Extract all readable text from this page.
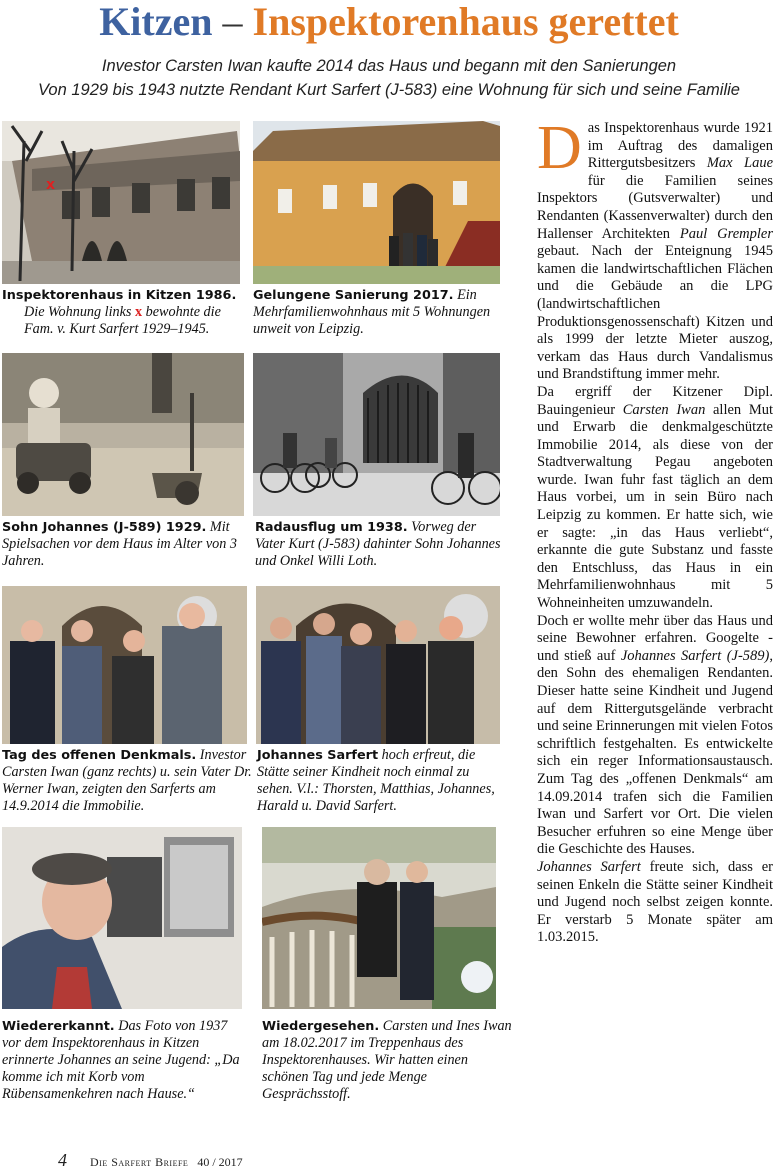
Kitzen – Inspektorenhaus gerettet
Investor Carsten Iwan kaufte 2014 das Haus und begann mit den Sanierungen
Von 1929 bis 1943 nutzte Rendant Kurt Sarfert (J-583) eine Wohnung für sich und seine Familie
x
Inspektorenhaus in Kitzen 1986.
Die Wohnung links x bewohnte die Fam. v. Kurt Sarfert 1929–1945.
Gelungene Sanierung 2017. Ein Mehrfamilienwohnhaus mit 5 Wohnungen unweit von Leipzig.
Sohn Johannes (J-589) 1929. Mit Spielsachen vor dem Haus im Alter von 3 Jahren.
Radausflug um 1938. Vorweg der Vater Kurt (J-583) dahinter Sohn Johannes und Onkel Willi Loth.
Tag des offenen Denkmals. Investor Carsten Iwan (ganz rechts) u. sein Vater Dr. Werner Iwan, zeigten den Sarferts am 14.9.2014 die Immobilie.
Johannes Sarfert hoch erfreut, die Stätte seiner Kindheit noch einmal zu sehen. V.l.: Thorsten, Matthias, Johannes, Harald u. David Sarfert.
Wiedererkannt. Das Foto von 1937 vor dem Inspektorenhaus in Kitzen erinnerte Johannes an seine Jugend: „Da komme ich mit Korb vom Rübensamenkehren nach Hause.“
Wiedergesehen. Carsten und Ines Iwan am 18.02.2017 im Treppenhaus des Inspektorenhauses. Wir hatten einen schönen Tag und jede Menge Gesprächsstoff.

Das Inspektorenhaus wurde 1921 im Auftrag des damaligen Rittergutsbesitzers Max Laue für die Familien seines Inspektors (Gutsverwalter) und Rendanten (Kassenverwalter) durch den Hallenser Architekten Paul Grempler gebaut. Nach der Enteignung 1945 kamen die landwirtschaftlichen Flächen und die Gebäude an die LPG (landwirtschaftlichen Produktionsgenossenschaft) Kitzen und als 1999 der letzte Mieter auszog, verkam das Haus durch Vandalismus und Brandstiftung immer mehr.

Da ergriff der Kitzener Dipl. Bauingenieur Carsten Iwan allen Mut und Erwarb die denkmalgeschützte Immobilie 2014, als diese von der Stadtverwaltung Pegau angeboten wurde. Iwan fuhr fast täglich an dem Haus vorbei, um in sein Büro nach Leipzig zu kommen. Er hatte sich, wie er sagte: „in das Haus verliebt“, erkannte die gute Substanz und fasste den Entschluss, das Haus in ein Mehrfamilienwohnhaus mit 5 Wohneinheiten umzuwandeln.

Doch er wollte mehr über das Haus und seine Bewohner erfahren. Googelte - und stieß auf Johannes Sarfert (J-589), den Sohn des ehemaligen Rendanten. Dieser hatte seine Kindheit und Jugend auf dem Rittergutsgelände verbracht und seine Erinnerungen mit vielen Fotos schriftlich festgehalten. Es entwickelte sich ein reger Informationsaustausch. Zum Tag des „offenen Denkmals“ am 14.09.2014 trafen sich die Familien Iwan und Sarfert vor Ort. Die vielen Besucher erfuhren so eine Menge über die Geschichte des Hauses.

Johannes Sarfert freute sich, dass er seinen Enkeln die Stätte seiner Kindheit und Jugend noch selbst zeigen konnte. Er verstarb 5 Monate später am 1.03.2015.

4 Die Sarfert Briefe 40 / 2017
